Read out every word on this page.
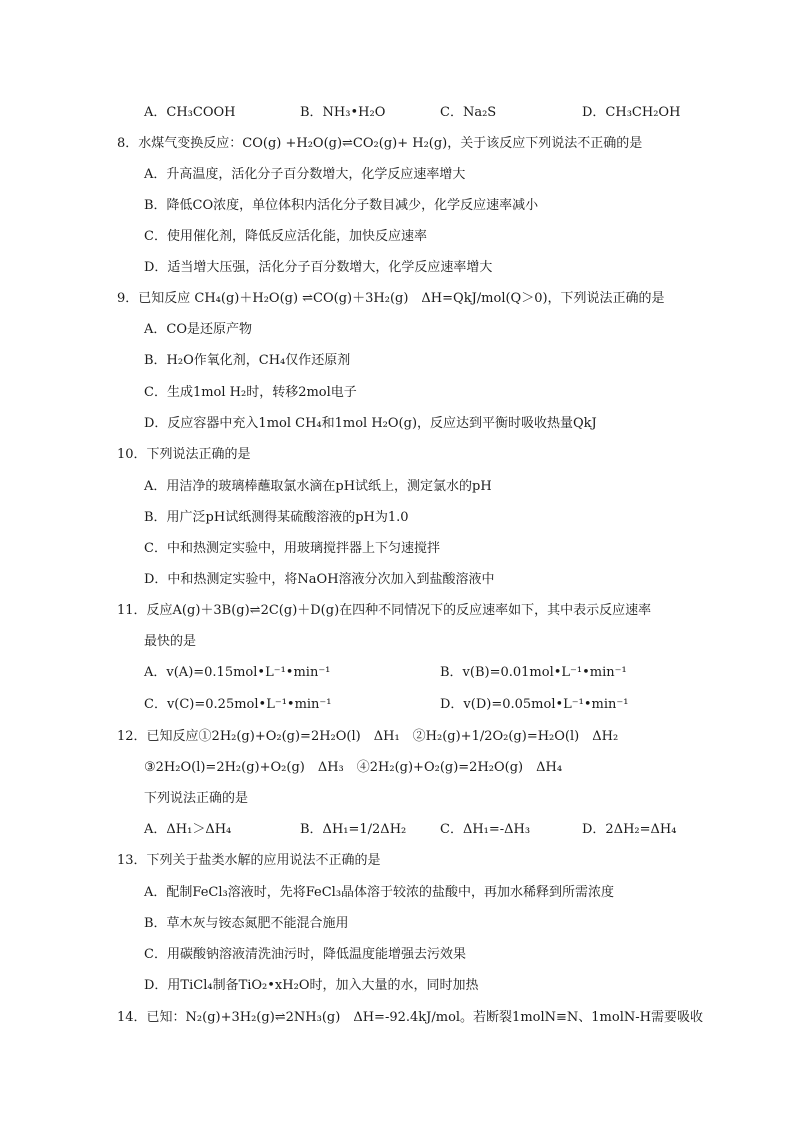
A．CH₃COOH	B．NH₃•H₂O	C．Na₂S	D．CH₃CH₂OH
8．水煤气变换反应：CO(g) +H₂O(g)⇌CO₂(g)+ H₂(g)，关于该反应下列说法不正确的是
A．升高温度，活化分子百分数增大，化学反应速率增大
B．降低CO浓度，单位体积内活化分子数目减少，化学反应速率减小
C．使用催化剂，降低反应活化能，加快反应速率
D．适当增大压强，活化分子百分数增大，化学反应速率增大
9．已知反应 CH₄(g)＋H₂O(g) ⇌CO(g)＋3H₂(g)　ΔH=QkJ/mol(Q＞0)，下列说法正确的是
A．CO是还原产物
B．H₂O作氧化剂，CH₄仅作还原剂
C．生成1mol H₂时，转移2mol电子
D．反应容器中充入1mol CH₄和1mol H₂O(g)，反应达到平衡时吸收热量QkJ
10．下列说法正确的是
A．用洁净的玻璃棒蘸取氯水滴在pH试纸上，测定氯水的pH
B．用广泛pH试纸测得某硫酸溶液的pH为1.0
C．中和热测定实验中，用玻璃搅拌器上下匀速搅拌
D．中和热测定实验中，将NaOH溶液分次加入到盐酸溶液中
11．反应A(g)＋3B(g)⇌2C(g)＋D(g)在四种不同情况下的反应速率如下，其中表示反应速率
最快的是
A．v(A)=0.15mol•L⁻¹•min⁻¹	B．v(B)=0.01mol•L⁻¹•min⁻¹
C．v(C)=0.25mol•L⁻¹•min⁻¹	D．v(D)=0.05mol•L⁻¹•min⁻¹
12．已知反应①2H₂(g)+O₂(g)=2H₂O(l)　ΔH₁　②H₂(g)+1/2O₂(g)=H₂O(l)　ΔH₂
③2H₂O(l)=2H₂(g)+O₂(g)　ΔH₃　④2H₂(g)+O₂(g)=2H₂O(g)　ΔH₄
下列说法正确的是
A．ΔH₁＞ΔH₄	B．ΔH₁=1/2ΔH₂	C．ΔH₁=-ΔH₃	D．2ΔH₂=ΔH₄
13．下列关于盐类水解的应用说法不正确的是
A．配制FeCl₃溶液时，先将FeCl₃晶体溶于较浓的盐酸中，再加水稀释到所需浓度
B．草木灰与铵态氮肥不能混合施用
C．用碳酸钠溶液清洗油污时，降低温度能增强去污效果
D．用TiCl₄制备TiO₂•xH₂O时，加入大量的水，同时加热
14．已知：N₂(g)+3H₂(g)⇌2NH₃(g)　ΔH=-92.4kJ/mol。若断裂1molN≡N、1molN-H需要吸收
